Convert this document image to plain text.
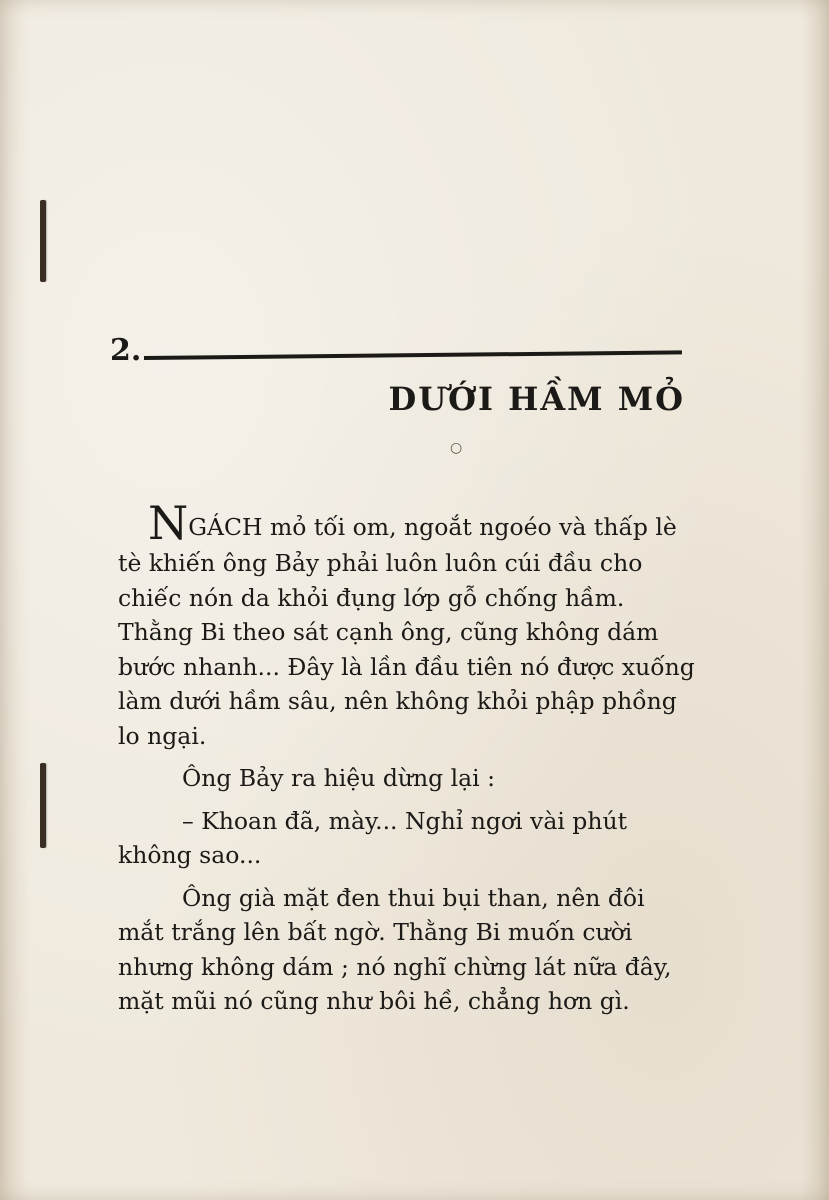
2.
DƯỚI HẦM MỎ
○

NGÁCH mỏ tối om, ngoắt ngoéo và thấp lè tè khiến ông Bảy phải luôn luôn cúi đầu cho chiếc nón da khỏi đụng lớp gỗ chống hầm. Thằng Bi theo sát cạnh ông, cũng không dám bước nhanh... Đây là lần đầu tiên nó được xuống làm dưới hầm sâu, nên không khỏi phập phồng lo ngại.

Ông Bảy ra hiệu dừng lại :

– Khoan đã, mày... Nghỉ ngơi vài phút không sao...

Ông già mặt đen thui bụi than, nên đôi mắt trắng lên bất ngờ. Thằng Bi muốn cười nhưng không dám ; nó nghĩ chừng lát nữa đây, mặt mũi nó cũng như bôi hề, chẳng hơn gì.
